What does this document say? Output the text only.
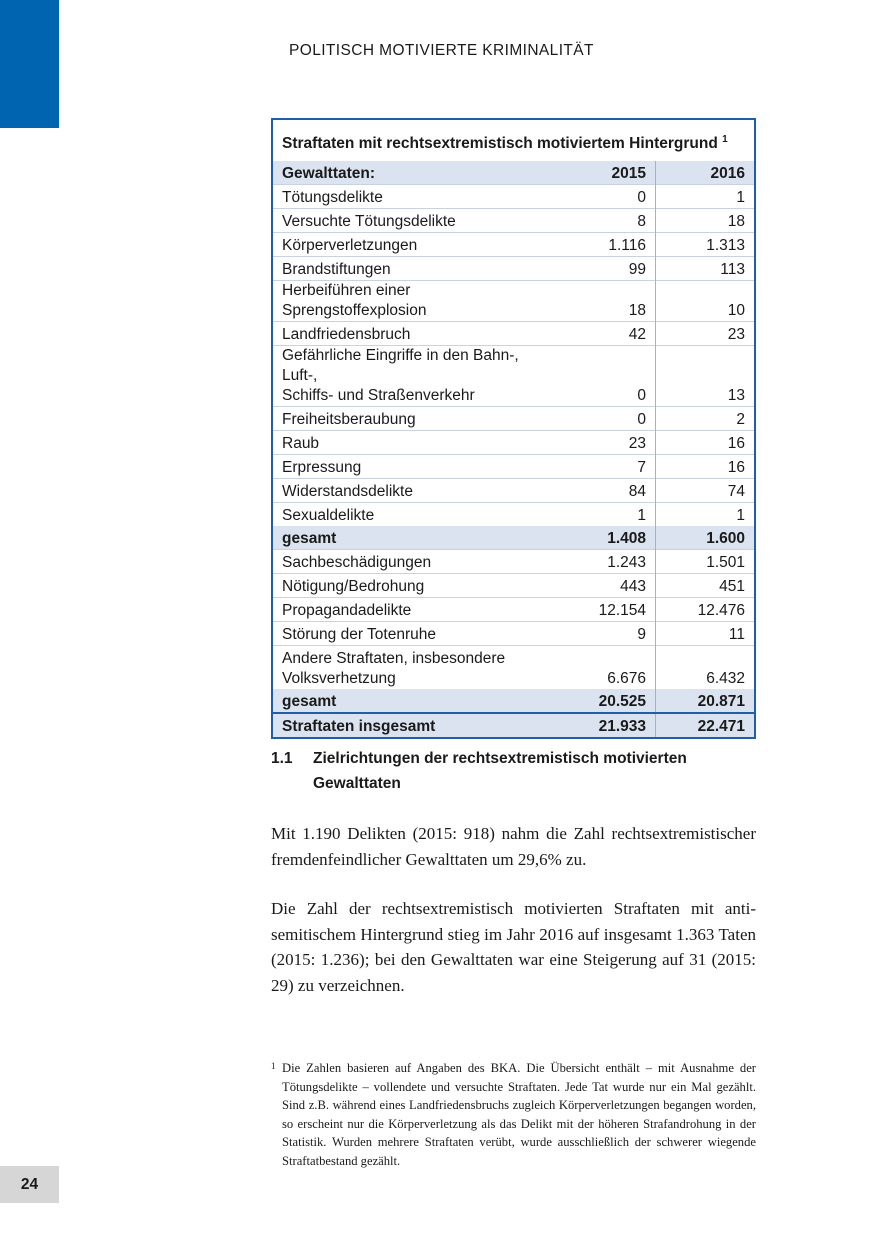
POLITISCH MOTIVIERTE KRIMINALITÄT
Straftaten mit rechtsextremistisch motiviertem Hintergrund $^1$
Gewalttaten:	2015	2016
Tötungsdelikte	0	1
Versuchte Tötungsdelikte	8	18
Körperverletzungen	1.116	1.313
Brandstiftungen	99	113
Herbeiführen einer Sprengstoffexplosion	18	10
Landfriedensbruch	42	23
Gefährliche Eingriffe in den Bahn-, Luft-,
Schiffs- und Straßenverkehr	0	13
Freiheitsberaubung	0	2
Raub	23	16
Erpressung	7	16
Widerstandsdelikte	84	74
Sexualdelikte	1	1
gesamt	1.408	1.600
Sachbeschädigungen	1.243	1.501
Nötigung/Bedrohung	443	451
Propagandadelikte	12.154	12.476
Störung der Totenruhe	9	11
Andere Straftaten, insbesondere
Volksverhetzung	6.676	6.432
gesamt	20.525	20.871
Straftaten insgesamt	21.933	22.471
1.1 Zielrichtungen der rechtsextremistisch motivierten Gewalttaten

Mit 1.190 Delikten (2015: 918) nahm die Zahl rechtsextremistischer fremdenfeindlicher Gewalttaten um 29,6% zu.

Die Zahl der rechtsextremistisch motivierten Straftaten mit antisemitischem Hintergrund stieg im Jahr 2016 auf insgesamt 1.363 Taten (2015: 1.236); bei den Gewalttaten war eine Steigerung auf 31 (2015: 29) zu verzeichnen.

1 Die Zahlen basieren auf Angaben des BKA. Die Übersicht enthält – mit Ausnahme der Tötungsdelikte – vollendete und versuchte Straftaten. Jede Tat wurde nur ein Mal gezählt. Sind z.B. während eines Landfriedensbruchs zugleich Körperverletzungen begangen worden, so erscheint nur die Körperverletzung als das Delikt mit der höheren Strafandrohung in der Statistik. Wurden mehrere Straftaten verübt, wurde ausschließlich der schwerer wiegende Straftatbestand gezählt.
24
